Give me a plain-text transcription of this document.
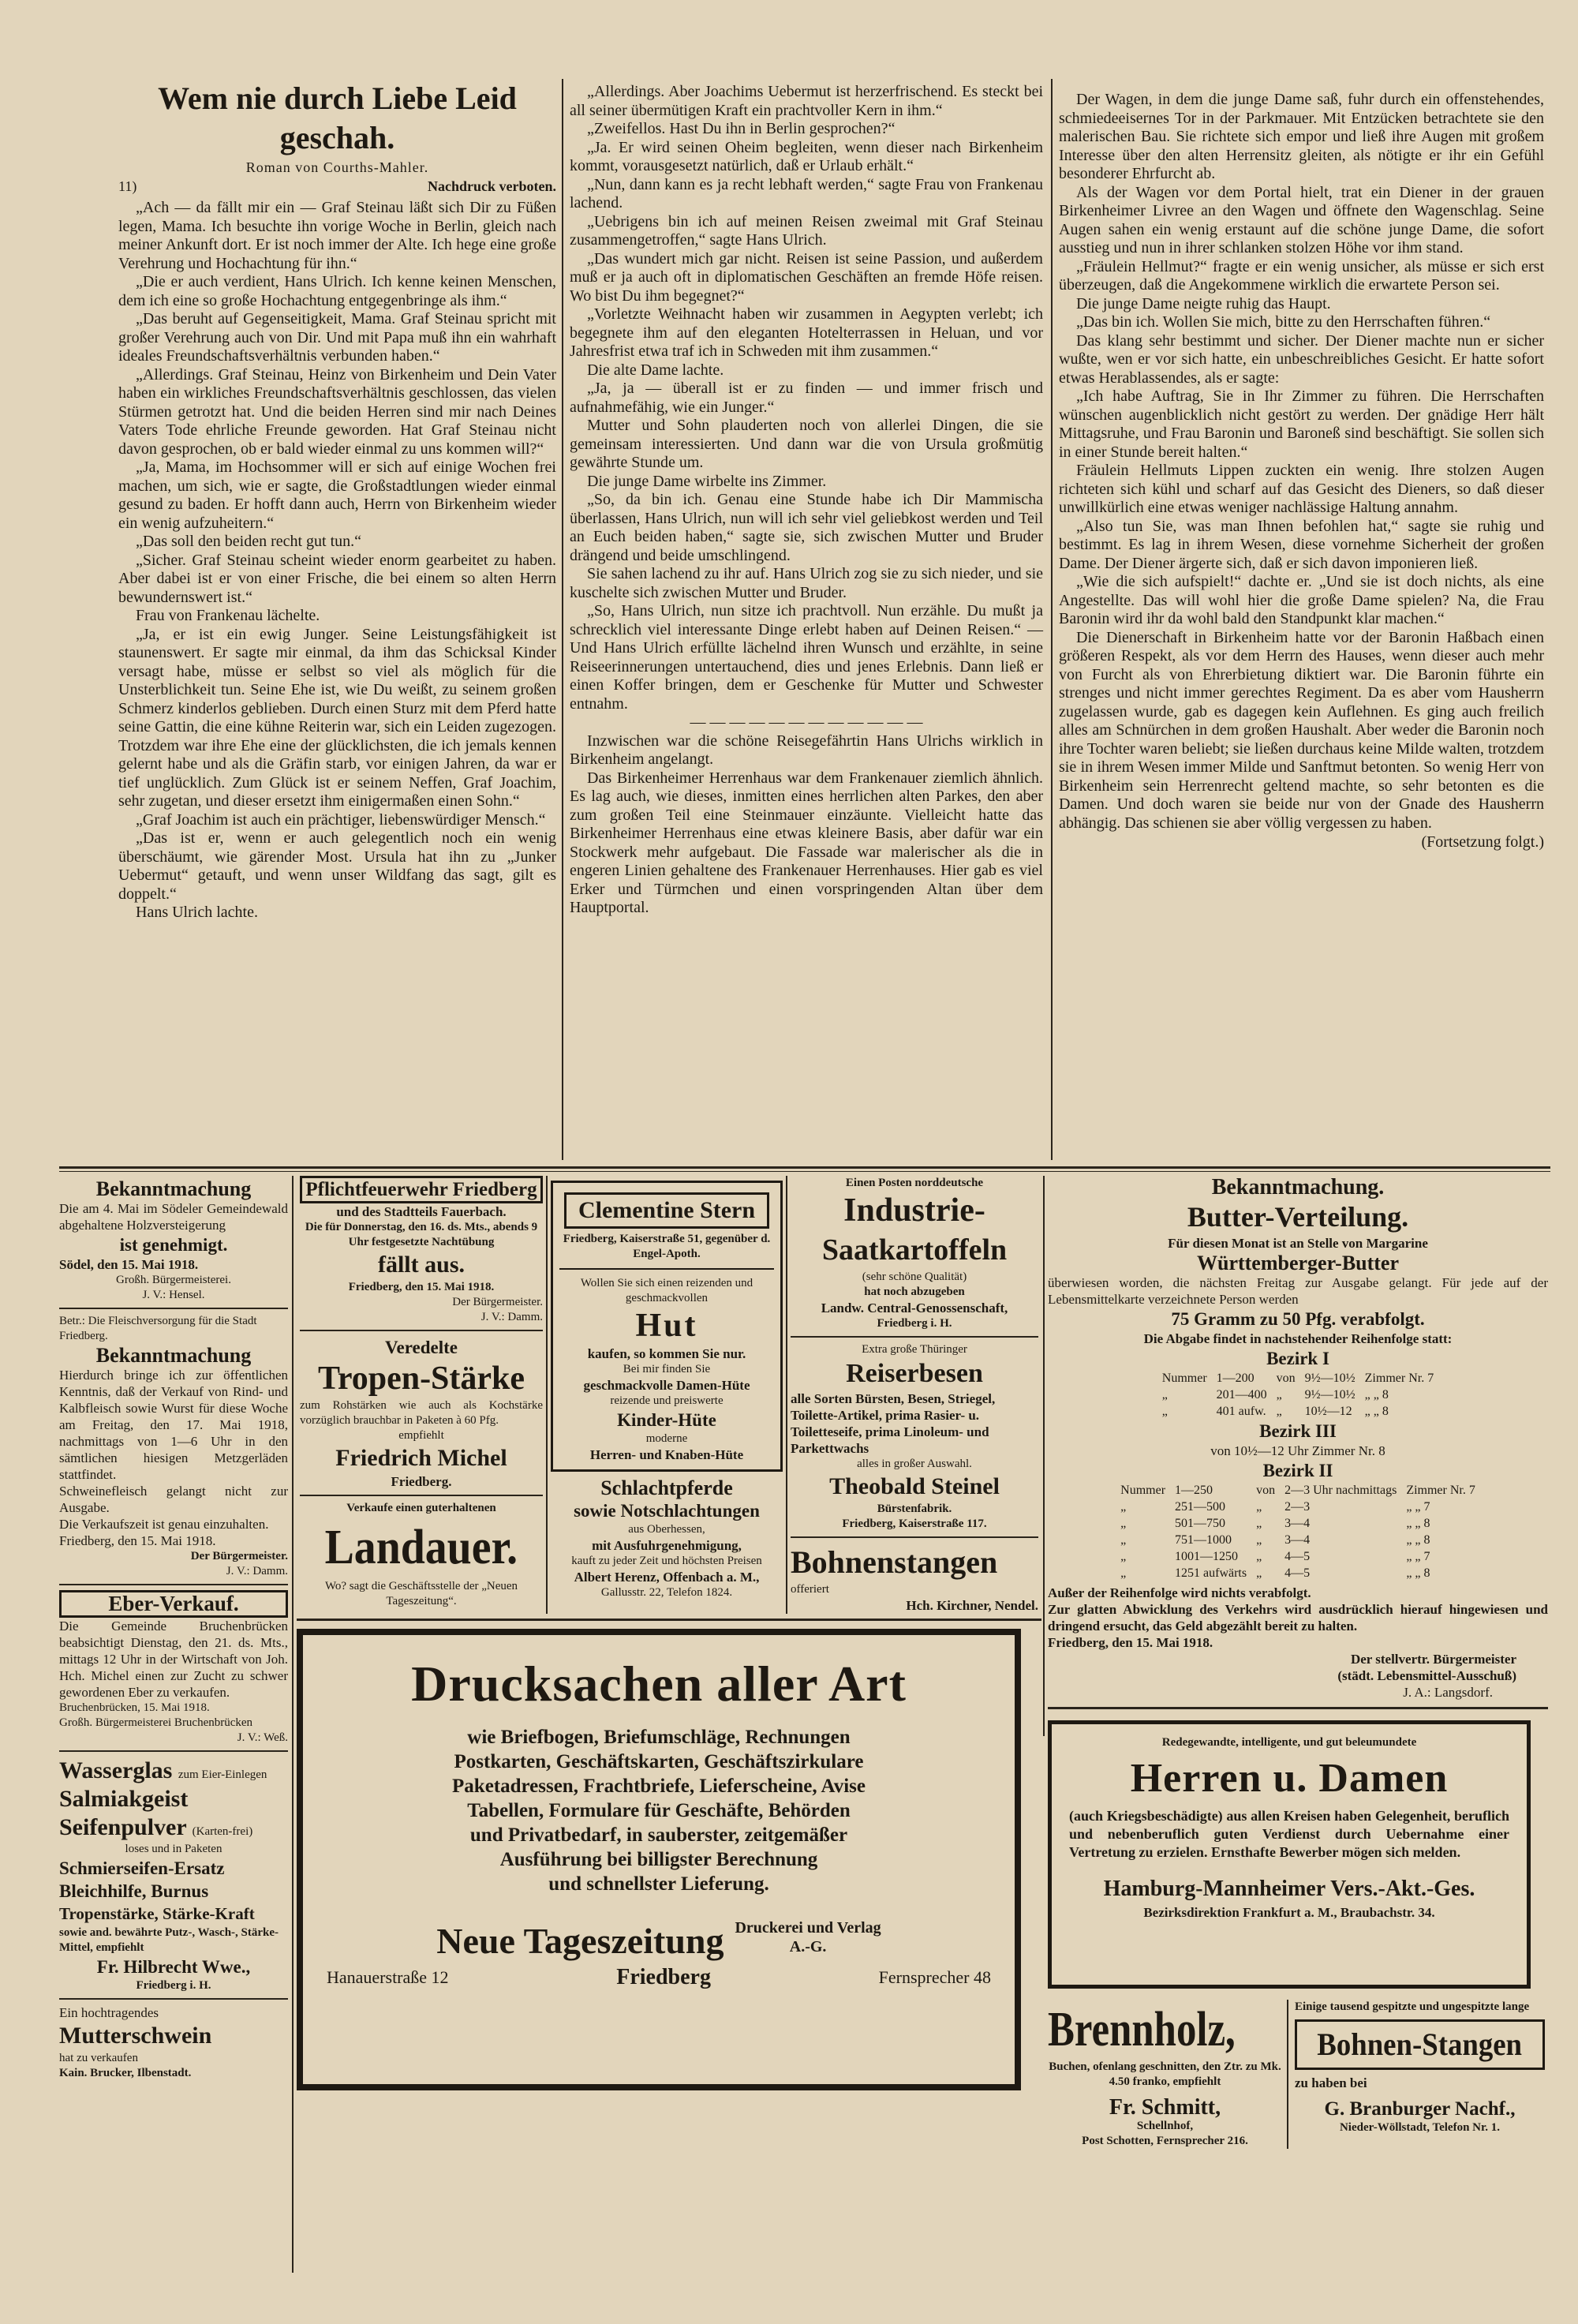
Wem nie durch Liebe Leid geschah.
Roman von Courths-Mahler.
11)	Nachdruck verboten.

„Ach — da fällt mir ein — Graf Steinau läßt sich Dir zu Füßen legen, Mama. Ich besuchte ihn vorige Woche in Berlin, gleich nach meiner Ankunft dort. Er ist noch immer der Alte. Ich hege eine große Verehrung und Hochachtung für ihn.“

„Die er auch verdient, Hans Ulrich. Ich kenne keinen Menschen, dem ich eine so große Hochachtung entgegenbringe als ihm.“

„Das beruht auf Gegenseitigkeit, Mama. Graf Steinau spricht mit großer Verehrung auch von Dir. Und mit Papa muß ihn ein wahrhaft ideales Freundschaftsverhältnis verbunden haben.“

„Allerdings. Graf Steinau, Heinz von Birkenheim und Dein Vater haben ein wirkliches Freundschaftsverhältnis geschlossen, das vielen Stürmen getrotzt hat. Und die beiden Herren sind mir nach Deines Vaters Tode ehrliche Freunde geworden. Hat Graf Steinau nicht davon gesprochen, ob er bald wieder einmal zu uns kommen will?“

„Ja, Mama, im Hochsommer will er sich auf einige Wochen frei machen, um sich, wie er sagte, die Großstadtlungen wieder einmal gesund zu baden. Er hofft dann auch, Herrn von Birkenheim wieder ein wenig aufzuheitern.“

„Das soll den beiden recht gut tun.“

„Sicher. Graf Steinau scheint wieder enorm gearbeitet zu haben. Aber dabei ist er von einer Frische, die bei einem so alten Herrn bewundernswert ist.“

Frau von Frankenau lächelte.

„Ja, er ist ein ewig Junger. Seine Leistungsfähigkeit ist staunenswert. Er sagte mir einmal, da ihm das Schicksal Kinder versagt habe, müsse er selbst so viel als möglich für die Unsterblichkeit tun. Seine Ehe ist, wie Du weißt, zu seinem großen Schmerz kinderlos geblieben. Durch einen Sturz mit dem Pferd hatte seine Gattin, die eine kühne Reiterin war, sich ein Leiden zugezogen. Trotzdem war ihre Ehe eine der glücklichsten, die ich jemals kennen gelernt habe und als die Gräfin starb, vor einigen Jahren, da war er tief unglücklich. Zum Glück ist er seinem Neffen, Graf Joachim, sehr zugetan, und dieser ersetzt ihm einigermaßen einen Sohn.“

„Graf Joachim ist auch ein prächtiger, liebenswürdiger Mensch.“

„Das ist er, wenn er auch gelegentlich noch ein wenig überschäumt, wie gärender Most. Ursula hat ihn zu „Junker Uebermut“ getauft, und wenn unser Wildfang das sagt, gilt es doppelt.“

Hans Ulrich lachte.

„Allerdings. Aber Joachims Uebermut ist herzerfrischend. Es steckt bei all seiner übermütigen Kraft ein prachtvoller Kern in ihm.“

„Zweifellos. Hast Du ihn in Berlin gesprochen?“

„Ja. Er wird seinen Oheim begleiten, wenn dieser nach Birkenheim kommt, vorausgesetzt natürlich, daß er Urlaub erhält.“

„Nun, dann kann es ja recht lebhaft werden,“ sagte Frau von Frankenau lachend.

„Uebrigens bin ich auf meinen Reisen zweimal mit Graf Steinau zusammengetroffen,“ sagte Hans Ulrich.

„Das wundert mich gar nicht. Reisen ist seine Passion, und außerdem muß er ja auch oft in diplomatischen Geschäften an fremde Höfe reisen. Wo bist Du ihm begegnet?“

„Vorletzte Weihnacht haben wir zusammen in Aegypten verlebt; ich begegnete ihm auf den eleganten Hotelterrassen in Heluan, und vor Jahresfrist etwa traf ich in Schweden mit ihm zusammen.“

Die alte Dame lachte.

„Ja, ja — überall ist er zu finden — und immer frisch und aufnahmefähig, wie ein Junger.“

Mutter und Sohn plauderten noch von allerlei Dingen, die sie gemeinsam interessierten. Und dann war die von Ursula großmütig gewährte Stunde um.

Die junge Dame wirbelte ins Zimmer.

„So, da bin ich. Genau eine Stunde habe ich Dir Mammischa überlassen, Hans Ulrich, nun will ich sehr viel geliebkost werden und Teil an Euch beiden haben,“ sagte sie, sich zwischen Mutter und Bruder drängend und beide umschlingend.

Sie sahen lachend zu ihr auf. Hans Ulrich zog sie zu sich nieder, und sie kuschelte sich zwischen Mutter und Bruder.

„So, Hans Ulrich, nun sitze ich prachtvoll. Nun erzähle. Du mußt ja schrecklich viel interessante Dinge erlebt haben auf Deinen Reisen.“ — Und Hans Ulrich erfüllte lächelnd ihren Wunsch und erzählte, in seine Reiseerinnerungen untertauchend, dies und jenes Erlebnis. Dann ließ er einen Koffer bringen, dem er Geschenke für Mutter und Schwester entnahm.

— — — — — — — — — — — —

Inzwischen war die schöne Reisegefährtin Hans Ulrichs wirklich in Birkenheim angelangt.

Das Birkenheimer Herrenhaus war dem Frankenauer ziemlich ähnlich. Es lag auch, wie dieses, inmitten eines herrlichen alten Parkes, den aber zum großen Teil eine Steinmauer einzäunte. Vielleicht hatte das Birkenheimer Herrenhaus eine etwas kleinere Basis, aber dafür war ein Stockwerk mehr aufgebaut. Die Fassade war malerischer als die in engeren Linien gehaltene des Frankenauer Herrenhauses. Hier gab es viel Erker und Türmchen und einen vorspringenden Altan über dem Hauptportal.

Der Wagen, in dem die junge Dame saß, fuhr durch ein offenstehendes, schmiedeeisernes Tor in der Parkmauer. Mit Entzücken betrachtete sie den malerischen Bau. Sie richtete sich empor und ließ ihre Augen mit großem Interesse über den alten Herrensitz gleiten, als nötigte er ihr ein Gefühl besonderer Ehrfurcht ab.

Als der Wagen vor dem Portal hielt, trat ein Diener in der grauen Birkenheimer Livree an den Wagen und öffnete den Wagenschlag. Seine Augen sahen ein wenig erstaunt auf die schöne junge Dame, die sofort ausstieg und nun in ihrer schlanken stolzen Höhe vor ihm stand.

„Fräulein Hellmut?“ fragte er ein wenig unsicher, als müsse er sich erst überzeugen, daß die Angekommene wirklich die erwartete Person sei.

Die junge Dame neigte ruhig das Haupt.

„Das bin ich. Wollen Sie mich, bitte zu den Herrschaften führen.“

Das klang sehr bestimmt und sicher. Der Diener machte nun er sicher wußte, wen er vor sich hatte, ein unbeschreibliches Gesicht. Er hatte sofort etwas Herablassendes, als er sagte:

„Ich habe Auftrag, Sie in Ihr Zimmer zu führen. Die Herrschaften wünschen augenblicklich nicht gestört zu werden. Der gnädige Herr hält Mittagsruhe, und Frau Baronin und Baroneß sind beschäftigt. Sie sollen sich in einer Stunde bereit halten.“

Fräulein Hellmuts Lippen zuckten ein wenig. Ihre stolzen Augen richteten sich kühl und scharf auf das Gesicht des Dieners, so daß dieser unwillkürlich eine etwas weniger nachlässige Haltung annahm.

„Also tun Sie, was man Ihnen befohlen hat,“ sagte sie ruhig und bestimmt. Es lag in ihrem Wesen, diese vornehme Sicherheit der großen Dame. Der Diener ärgerte sich, daß er sich davon imponieren ließ.

„Wie die sich aufspielt!“ dachte er. „Und sie ist doch nichts, als eine Angestellte. Das will wohl hier die große Dame spielen? Na, die Frau Baronin wird ihr da wohl bald den Standpunkt klar machen.“

Die Dienerschaft in Birkenheim hatte vor der Baronin Haßbach einen größeren Respekt, als vor dem Herrn des Hauses, wenn dieser auch mehr von Furcht als von Ehrerbietung diktiert war. Die Baronin führte ein strenges und nicht immer gerechtes Regiment. Da es aber vom Hausherrn zugelassen wurde, gab es dagegen kein Auflehnen. Es ging auch freilich alles am Schnürchen in dem großen Haushalt. Aber weder die Baronin noch ihre Tochter waren beliebt; sie ließen durchaus keine Milde walten, trotzdem sie in ihrem Wesen immer Milde und Sanftmut betonten. So wenig Herr von Birkenheim sein Herrenrecht geltend machte, so sehr betonten es die Damen. Und doch waren sie beide nur von der Gnade des Hausherrn abhängig. Das schienen sie aber völlig vergessen zu haben.

(Fortsetzung folgt.)
Bekanntmachung
Die am 4. Mai im Södeler Gemeindewald abgehaltene Holzversteigerung
ist genehmigt.
Södel, den 15. Mai 1918.
Großh. Bürgermeisterei.
J. V.: Hensel.
Betr.: Die Fleischversorgung für die Stadt Friedberg.
Bekanntmachung
Hierdurch bringe ich zur öffentlichen Kenntnis, daß der Verkauf von Rind- und Kalbfleisch sowie Wurst für diese Woche am Freitag, den 17. Mai 1918, nachmittags von 1—6 Uhr in den sämtlichen hiesigen Metzgerläden stattfindet.
Schweinefleisch gelangt nicht zur Ausgabe.
Die Verkaufszeit ist genau einzuhalten.
Friedberg, den 15. Mai 1918.
Der Bürgermeister.
J. V.: Damm.
Eber-Verkauf.
Die Gemeinde Bruchenbrücken beabsichtigt Dienstag, den 21. ds. Mts., mittags 12 Uhr in der Wirtschaft von Joh. Hch. Michel einen zur Zucht zu schwer gewordenen Eber zu verkaufen.
Bruchenbrücken, 15. Mai 1918.
Großh. Bürgermeisterei Bruchenbrücken
J. V.: Weß.
Wasserglas zum Eier-Einlegen
Salmiakgeist
Seifenpulver (Karten-frei)
loses und in Paketen
Schmierseifen-Ersatz
Bleichhilfe, Burnus
Tropenstärke, Stärke-Kraft
sowie and. bewährte Putz-, Wasch-, Stärke-Mittel, empfiehlt
Fr. Hilbrecht Wwe.,
Friedberg i. H.
Ein hochtragendes
Mutterschwein
hat zu verkaufen
Kain. Brucker, Ilbenstadt.
Pflichtfeuerwehr Friedberg
und des Stadtteils Fauerbach.
Die für Donnerstag, den 16. ds. Mts., abends 9 Uhr festgesetzte Nachtübung
fällt aus.
Friedberg, den 15. Mai 1918.
Der Bürgermeister.
J. V.: Damm.
Veredelte
Tropen-Stärke
zum Rohstärken wie auch als Kochstärke vorzüglich brauchbar in Paketen à 60 Pfg.
empfiehlt
Friedrich Michel
Friedberg.
Verkaufe einen guterhaltenen
Landauer.
Wo? sagt die Geschäftsstelle der „Neuen Tageszeitung“.
Clementine Stern
Friedberg, Kaiserstraße 51, gegenüber d. Engel-Apoth.
Wollen Sie sich einen reizenden und geschmackvollen
Hut
kaufen, so kommen Sie nur.
Bei mir finden Sie
geschmackvolle Damen-Hüte
reizende und preiswerte
Kinder-Hüte
moderne
Herren- und Knaben-Hüte
Schlachtpferde
sowie Notschlachtungen
aus Oberhessen,
mit Ausfuhrgenehmigung,
kauft zu jeder Zeit und höchsten Preisen
Albert Herenz, Offenbach a. M.,
Gallusstr. 22, Telefon 1824.
Einen Posten norddeutsche
Industrie-
Saatkartoffeln
(sehr schöne Qualität)
hat noch abzugeben
Landw. Central-Genossenschaft,
Friedberg i. H.
Extra große Thüringer
Reiserbesen
alle Sorten Bürsten, Besen, Striegel, Toilette-Artikel, prima Rasier- u. Toiletteseife, prima Linoleum- und Parkettwachs
alles in großer Auswahl.
Theobald Steinel
Bürstenfabrik.
Friedberg, Kaiserstraße 117.
Bohnenstangen
offeriert
Hch. Kirchner, Nendel.
Drucksachen aller Art
wie Briefbogen, Briefumschläge, Rechnungen
Postkarten, Geschäftskarten, Geschäftszirkulare
Paketadressen, Frachtbriefe, Lieferscheine, Avise
Tabellen, Formulare für Geschäfte, Behörden
und Privatbedarf, in sauberster, zeitgemäßer
Ausführung bei billigster Berechnung
und schnellster Lieferung.
Neue Tageszeitung Druckerei und Verlag
A.-G.
Hanauerstraße 12	Friedberg	Fernsprecher 48
Bekanntmachung.
Butter-Verteilung.
Für diesen Monat ist an Stelle von Margarine
Württemberger-Butter
überwiesen worden, die nächsten Freitag zur Ausgabe gelangt. Für jede auf der Lebensmittelkarte verzeichnete Person werden
75 Gramm zu 50 Pfg. verabfolgt.
Die Abgabe findet in nachstehender Reihenfolge statt:
Bezirk I
Nummer	1—200	von	9½—10½	Zimmer Nr. 7
„	201—400	„	9½—10½	„ „ 8
„	401 aufw.	„	10½—12	„ „ 8
Bezirk III
von 10½—12 Uhr Zimmer Nr. 8
Bezirk II
Nummer	1—250	von	2—3 Uhr nachmittags	Zimmer Nr. 7
„	251—500	„	2—3	„ „ 7
„	501—750	„	3—4	„ „ 8
„	751—1000	„	3—4	„ „ 8
„	1001—1250	„	4—5	„ „ 7
„	1251 aufwärts	„	4—5	„ „ 8
Außer der Reihenfolge wird nichts verabfolgt.
Zur glatten Abwicklung des Verkehrs wird ausdrücklich hierauf hingewiesen und dringend ersucht, das Geld abgezählt bereit zu halten.
Friedberg, den 15. Mai 1918.
Der stellvertr. Bürgermeister
(städt. Lebensmittel-Ausschuß)
J. A.: Langsdorf.
Redegewandte, intelligente, und gut beleumundete
Herren u. Damen
(auch Kriegsbeschädigte) aus allen Kreisen haben Gelegenheit, beruflich und nebenberuflich guten Verdienst durch Uebernahme einer Vertretung zu erzielen. Ernsthafte Bewerber mögen sich melden.
Hamburg-Mannheimer Vers.-Akt.-Ges.
Bezirksdirektion Frankfurt a. M., Braubachstr. 34.
Brennholz,
Buchen, ofenlang geschnitten, den Ztr. zu Mk. 4.50 franko, empfiehlt
Fr. Schmitt,
Schellnhof,
Post Schotten, Fernsprecher 216.
Einige tausend gespitzte und ungespitzte lange
Bohnen-Stangen
zu haben bei
G. Branburger Nachf.,
Nieder-Wöllstadt, Telefon Nr. 1.
